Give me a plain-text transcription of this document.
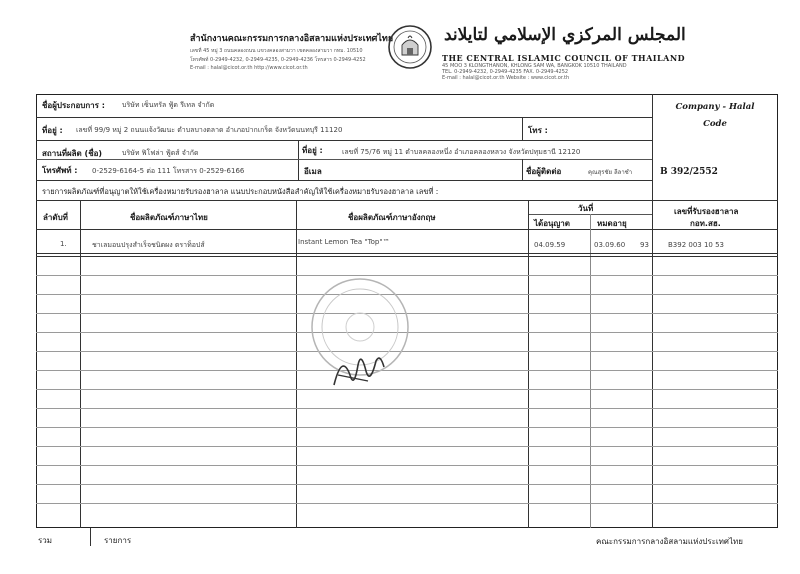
สำนักงานคณะกรรมการกลางอิสลามแห่งประเทศไทย
เลขที่ 45 หมู่ 3 ถนนคลองถนน แขวงคลองสามวา เขตคลองสามวา กทม. 10510
โทรศัพท์ 0-2949-4232, 0-2949-4235, 0-2949-4236 โทรสาร 0-2949-4252
E-mail : halal@cicot.or.th http://www.cicot.or.th
المجلس المركزي الإسلامي لتايلاند
THE CENTRAL ISLAMIC COUNCIL OF THAILAND
45 MOO 3 KLONGTHANON, KHLONG SAM WA, BANGKOK 10510 THAILAND
TEL. 0-2949-4232, 0-2949-4235 FAX. 0-2949-4252
E-mail : halal@cicot.or.th Website : www.cicot.or.th
Company - Halal
Code
B 392/2552
ชื่อผู้ประกอบการ : บริษัท เซ็นทรัล ฟู้ด รีเทล จำกัด
ที่อยู่ : เลขที่ 99/9 หมู่ 2 ถนนแจ้งวัฒนะ ตำบลบางตลาด อำเภอปากเกร็ด จังหวัดนนทบุรี 11120	โทร :
สถานที่ผลิต (ชื่อ)	บริษัท ฟิโฟล่า ฟู้ดส์ จำกัด	ที่อยู่ :	เลขที่ 75/76 หมู่ 11 ตำบลคลองหนึ่ง อำเภอคลองหลวง จังหวัดปทุมธานี 12120
โทรศัพท์ : 0-2529-6164-5 ต่อ 111 โทรสาร 0-2529-6166	อีเมล	ชื่อผู้ติดต่อ	คุณสุรชัย ลีลาชำ
รายการผลิตภัณฑ์ที่อนุญาตให้ใช้เครื่องหมายรับรองฮาลาล แนบประกอบหนังสือสำคัญให้ใช้เครื่องหมายรับรองฮาลาล เลขที่ :
ลำดับที่	ชื่อผลิตภัณฑ์ภาษาไทย	ชื่อผลิตภัณฑ์ภาษาอังกฤษ
วันที่
ได้อนุญาต	หมดอายุ
เลขที่รับรองฮาลาล
กอท.สฮ.
1.	ชาเลมอนปรุงสำเร็จชนิดผง ตราท็อปส์	Instant Lemon Tea "Top"™	04.09.59	03.09.60 93	B392 003 10 53
รวม	รายการ	คณะกรรมการกลางอิสลามแห่งประเทศไทย
